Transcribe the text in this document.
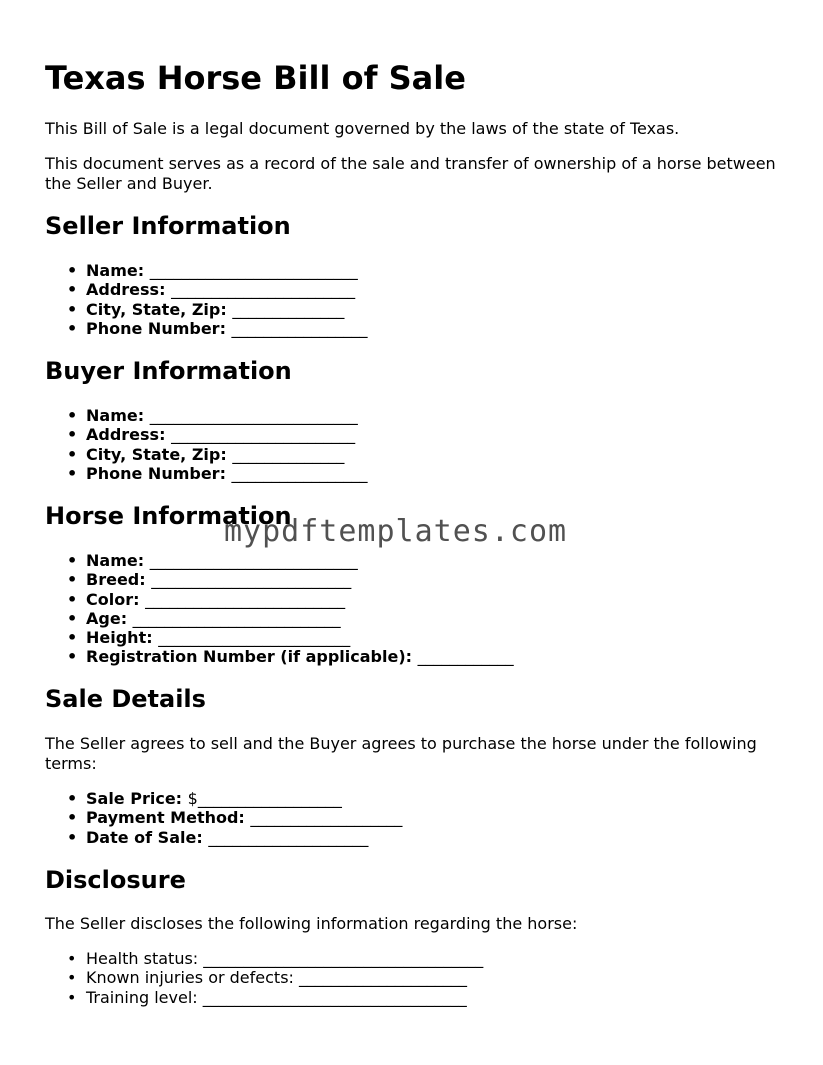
Texas Horse Bill of Sale

This Bill of Sale is a legal document governed by the laws of the state of Texas.

This document serves as a record of the sale and transfer of ownership of a horse between the Seller and Buyer.

Seller Information
• Name: __________________________
• Address: _______________________
• City, State, Zip: ______________
• Phone Number: _________________
Buyer Information
• Name: __________________________
• Address: _______________________
• City, State, Zip: ______________
• Phone Number: _________________
Horse Information
• Name: __________________________
• Breed: _________________________
• Color: _________________________
• Age: __________________________
• Height: ________________________
• Registration Number (if applicable): ____________
Sale Details

The Seller agrees to sell and the Buyer agrees to purchase the horse under the following terms:

• Sale Price: $__________________
• Payment Method: ___________________
• Date of Sale: ____________________
Disclosure

The Seller discloses the following information regarding the horse:

• Health status: ___________________________________
• Known injuries or defects: _____________________
• Training level: _________________________________
mypdftemplates.com
